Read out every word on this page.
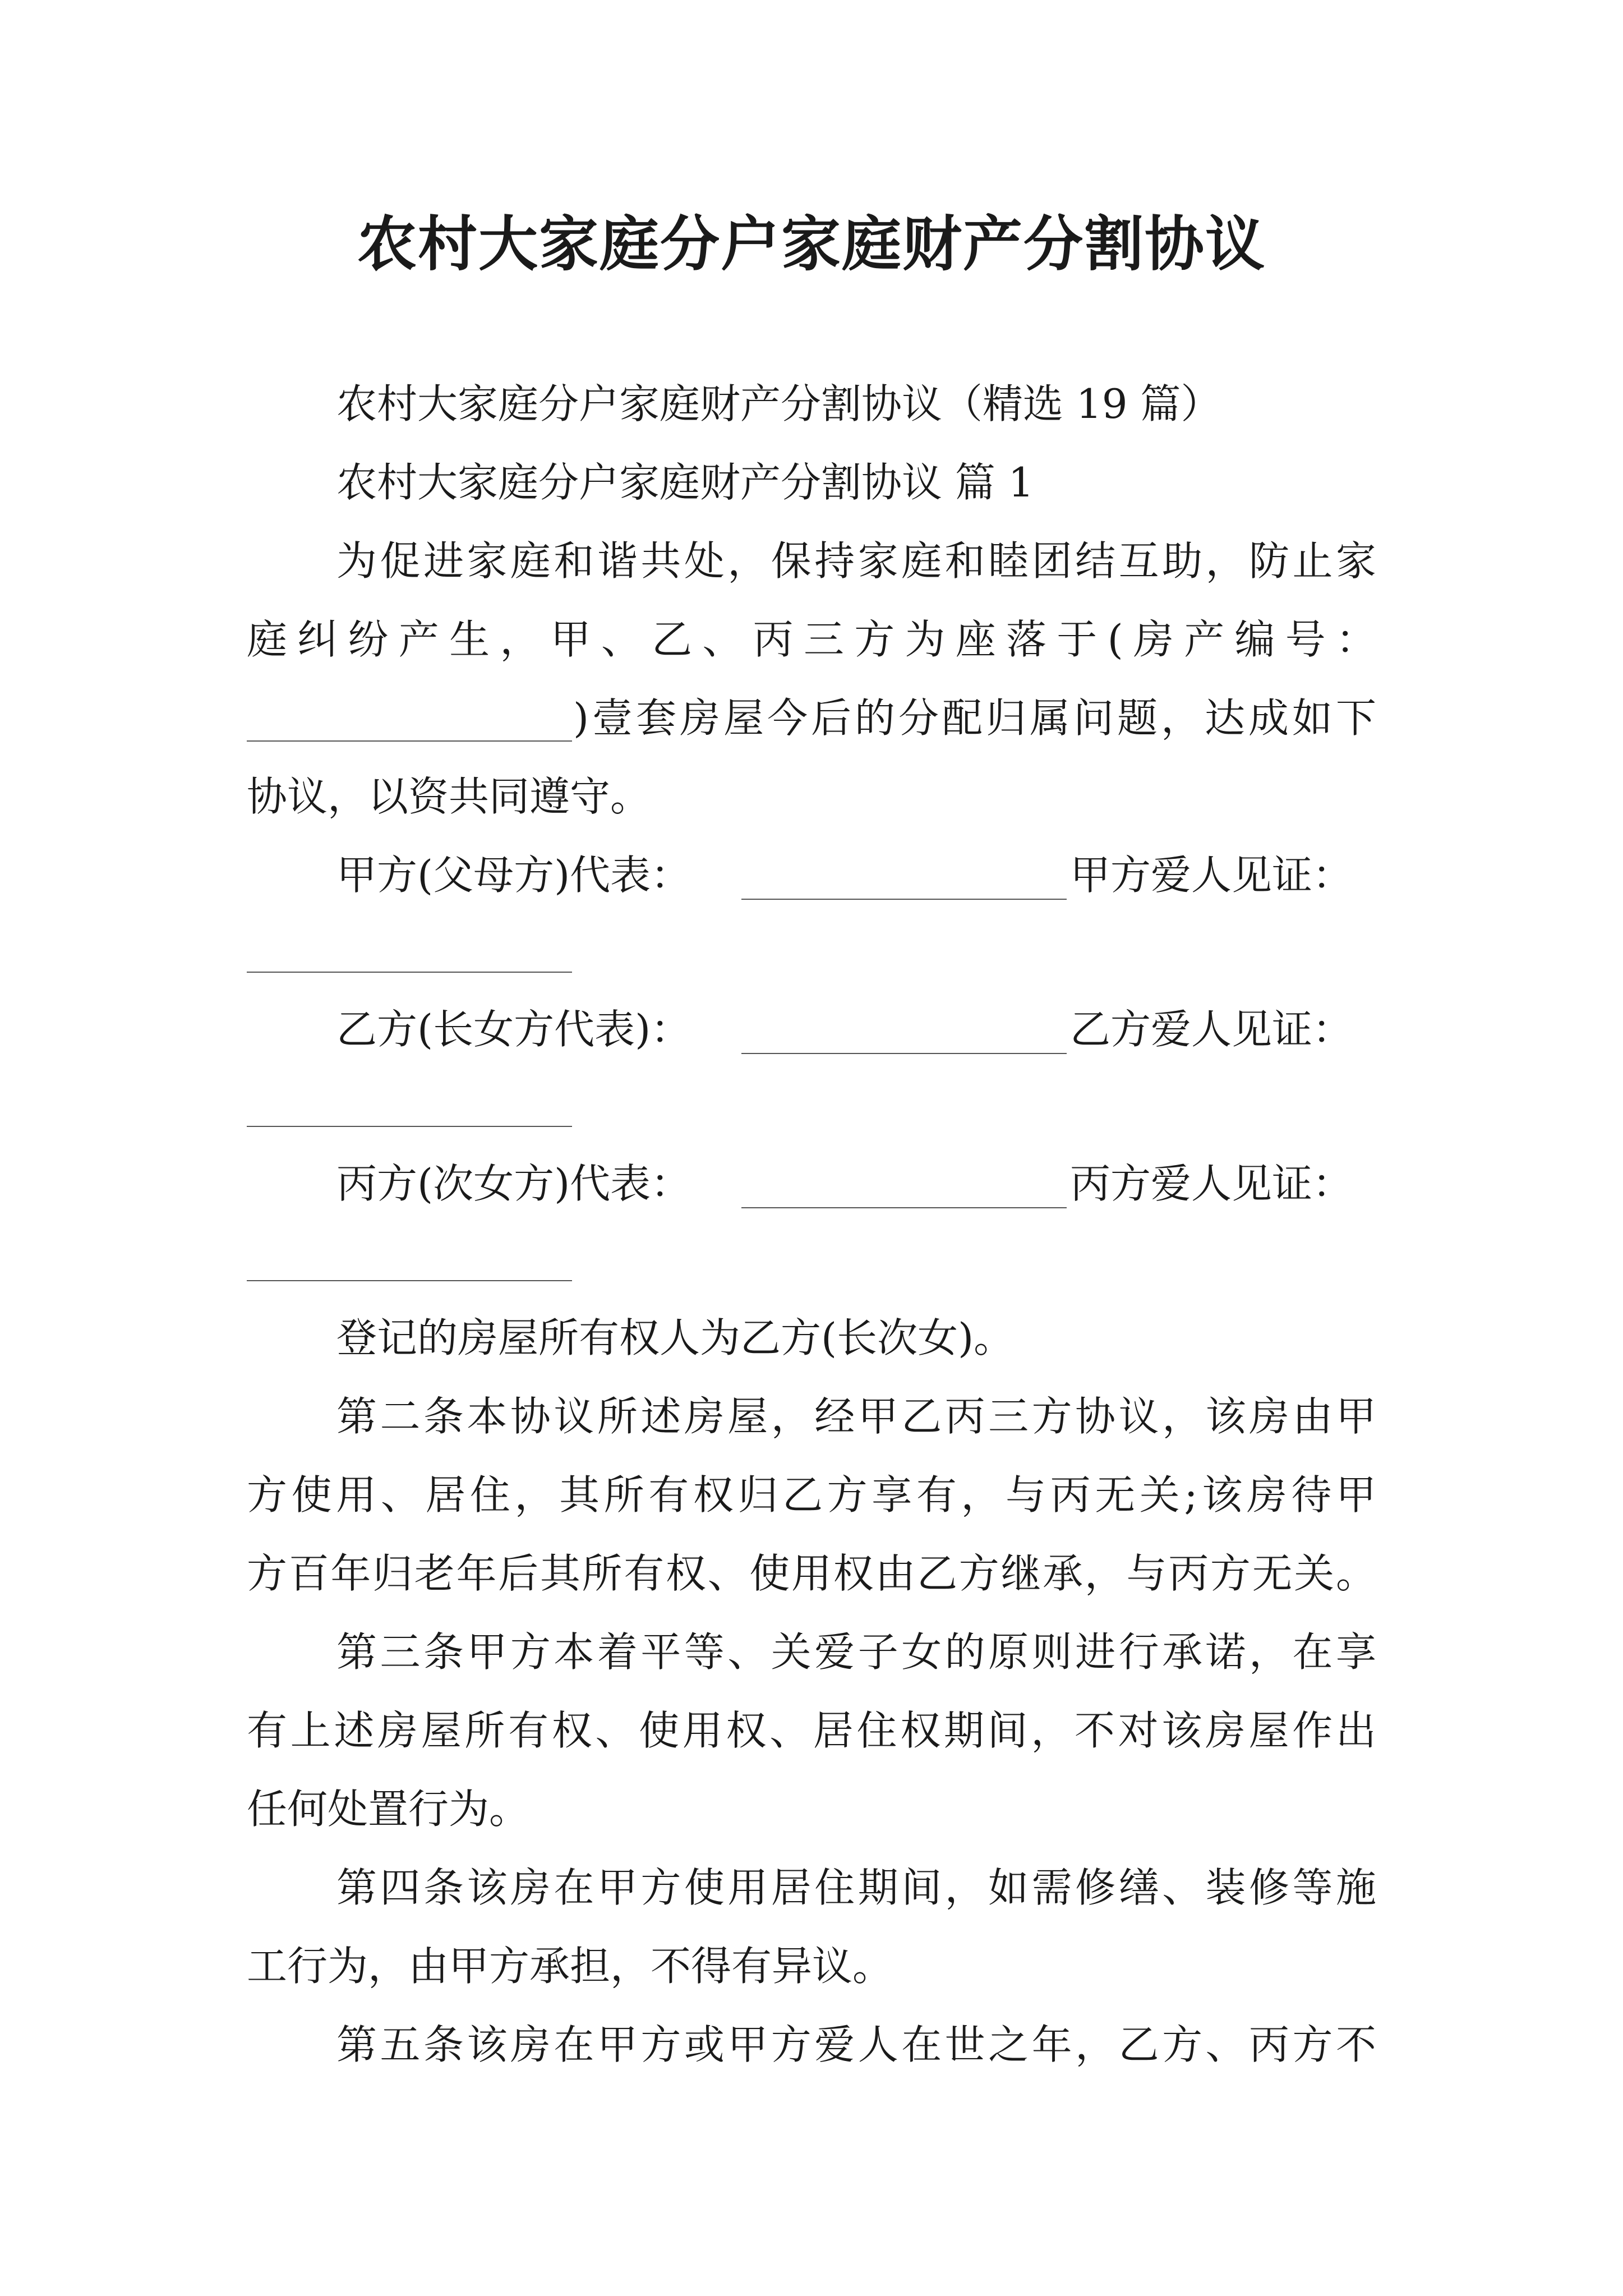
农村大家庭分户家庭财产分割协议
农村大家庭分户家庭财产分割协议（精选 19 篇）
农村大家庭分户家庭财产分割协议 篇 1
为促进家庭和谐共处，保持家庭和睦团结互助，防止家
庭纠纷产生，甲、乙、丙三方为座落于(房产编号：
)壹套房屋今后的分配归属问题，达成如下
协议，以资共同遵守。
甲方(父母方)代表：	甲方爱人见证：
乙方(长女方代表)：	乙方爱人见证：
丙方(次女方)代表：	丙方爱人见证：
登记的房屋所有权人为乙方(长次女)。
第二条本协议所述房屋，经甲乙丙三方协议，该房由甲
方使用、居住，其所有权归乙方享有，与丙无关;该房待甲
方百年归老年后其所有权、使用权由乙方继承，与丙方无关。
第三条甲方本着平等、关爱子女的原则进行承诺，在享
有上述房屋所有权、使用权、居住权期间，不对该房屋作出
任何处置行为。
第四条该房在甲方使用居住期间，如需修缮、装修等施
工行为，由甲方承担，不得有异议。
第五条该房在甲方或甲方爱人在世之年，乙方、丙方不
